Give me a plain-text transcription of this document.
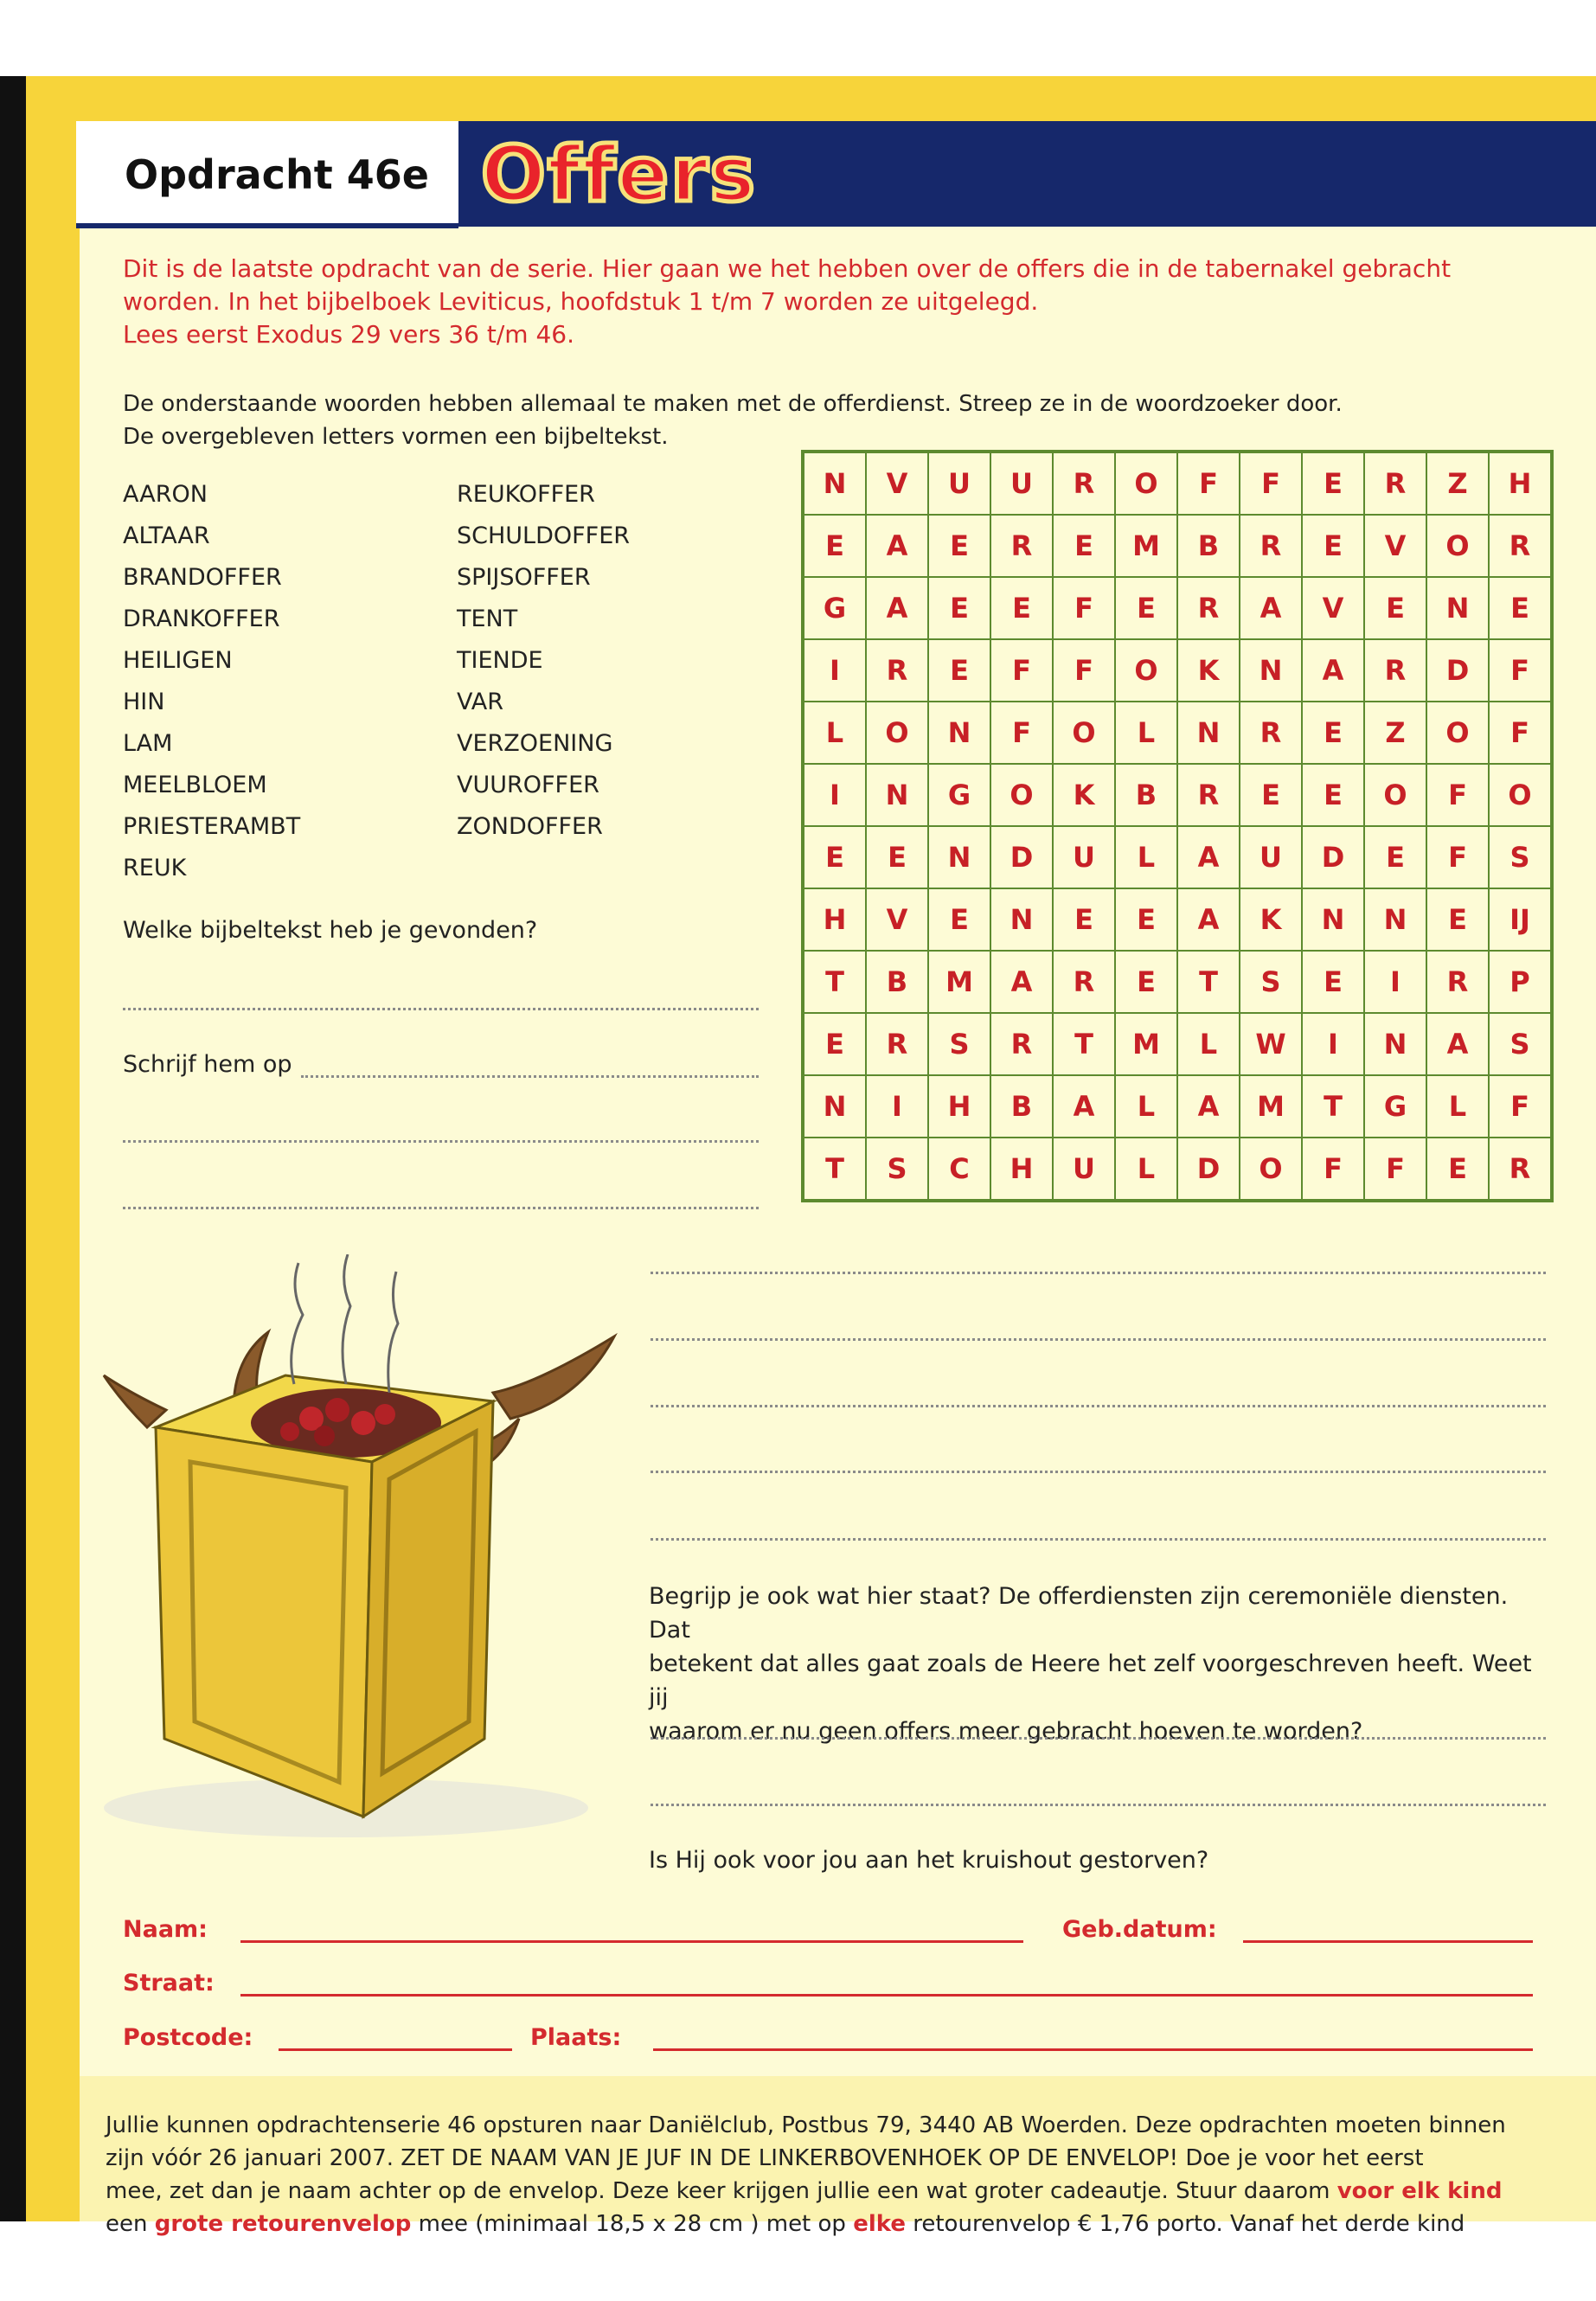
Opdracht 46e Offers

Dit is de laatste opdracht van de serie. Hier gaan we het hebben over de offers die in de tabernakel gebracht

worden. In het bijbelboek Leviticus, hoofdstuk 1 t/m 7 worden ze uitgelegd.

Lees eerst Exodus 29 vers 36 t/m 46.

De onderstaande woorden hebben allemaal te maken met de offerdienst. Streep ze in de woordzoeker door.

De overgebleven letters vormen een bijbeltekst.

AARON
ALTAAR
BRANDOFFER
DRANKOFFER
HEILIGEN
HIN
LAM
MEELBLOEM
PRIESTERAMBT
REUK
REUKOFFER
SCHULDOFFER
SPIJSOFFER
TENT
TIENDE
VAR
VERZOENING
VUUROFFER
ZONDOFFER
N	V	U	U	R	O	F	F	E	R	Z	H
E	A	E	R	E	M	B	R	E	V	O	R
G	A	E	E	F	E	R	A	V	E	N	E
I	R	E	F	F	O	K	N	A	R	D	F
L	O	N	F	O	L	N	R	E	Z	O	F
I	N	G	O	K	B	R	E	E	O	F	O
E	E	N	D	U	L	A	U	D	E	F	S
H	V	E	N	E	E	A	K	N	N	E	IJ
T	B	M	A	R	E	T	S	E	I	R	P
E	R	S	R	T	M	L	W	I	N	A	S
N	I	H	B	A	L	A	M	T	G	L	F
T	S	C	H	U	L	D	O	F	F	E	R
Welke bijbeltekst heb je gevonden?
Schrijf hem op

Begrijp je ook wat hier staat? De offerdiensten zijn ceremoniële diensten. Dat

betekent dat alles gaat zoals de Heere het zelf voorgeschreven heeft. Weet jij

waarom er nu geen offers meer gebracht hoeven te worden?

Is Hij ook voor jou aan het kruishout gestorven?
Naam:	Geb.datum:
Straat:
Postcode:	Plaats:

Jullie kunnen opdrachtenserie 46 opsturen naar Daniëlclub, Postbus 79, 3440 AB Woerden. Deze opdrachten moeten binnen

zijn vóór 26 januari 2007. ZET DE NAAM VAN JE JUF IN DE LINKERBOVENHOEK OP DE ENVELOP! Doe je voor het eerst

mee, zet dan je naam achter op de envelop. Deze keer krijgen jullie een wat groter cadeautje. Stuur daarom voor elk kind

een grote retourenvelop mee (minimaal 18,5 x 28 cm ) met op elke retourenvelop € 1,76 porto. Vanaf het derde kind
